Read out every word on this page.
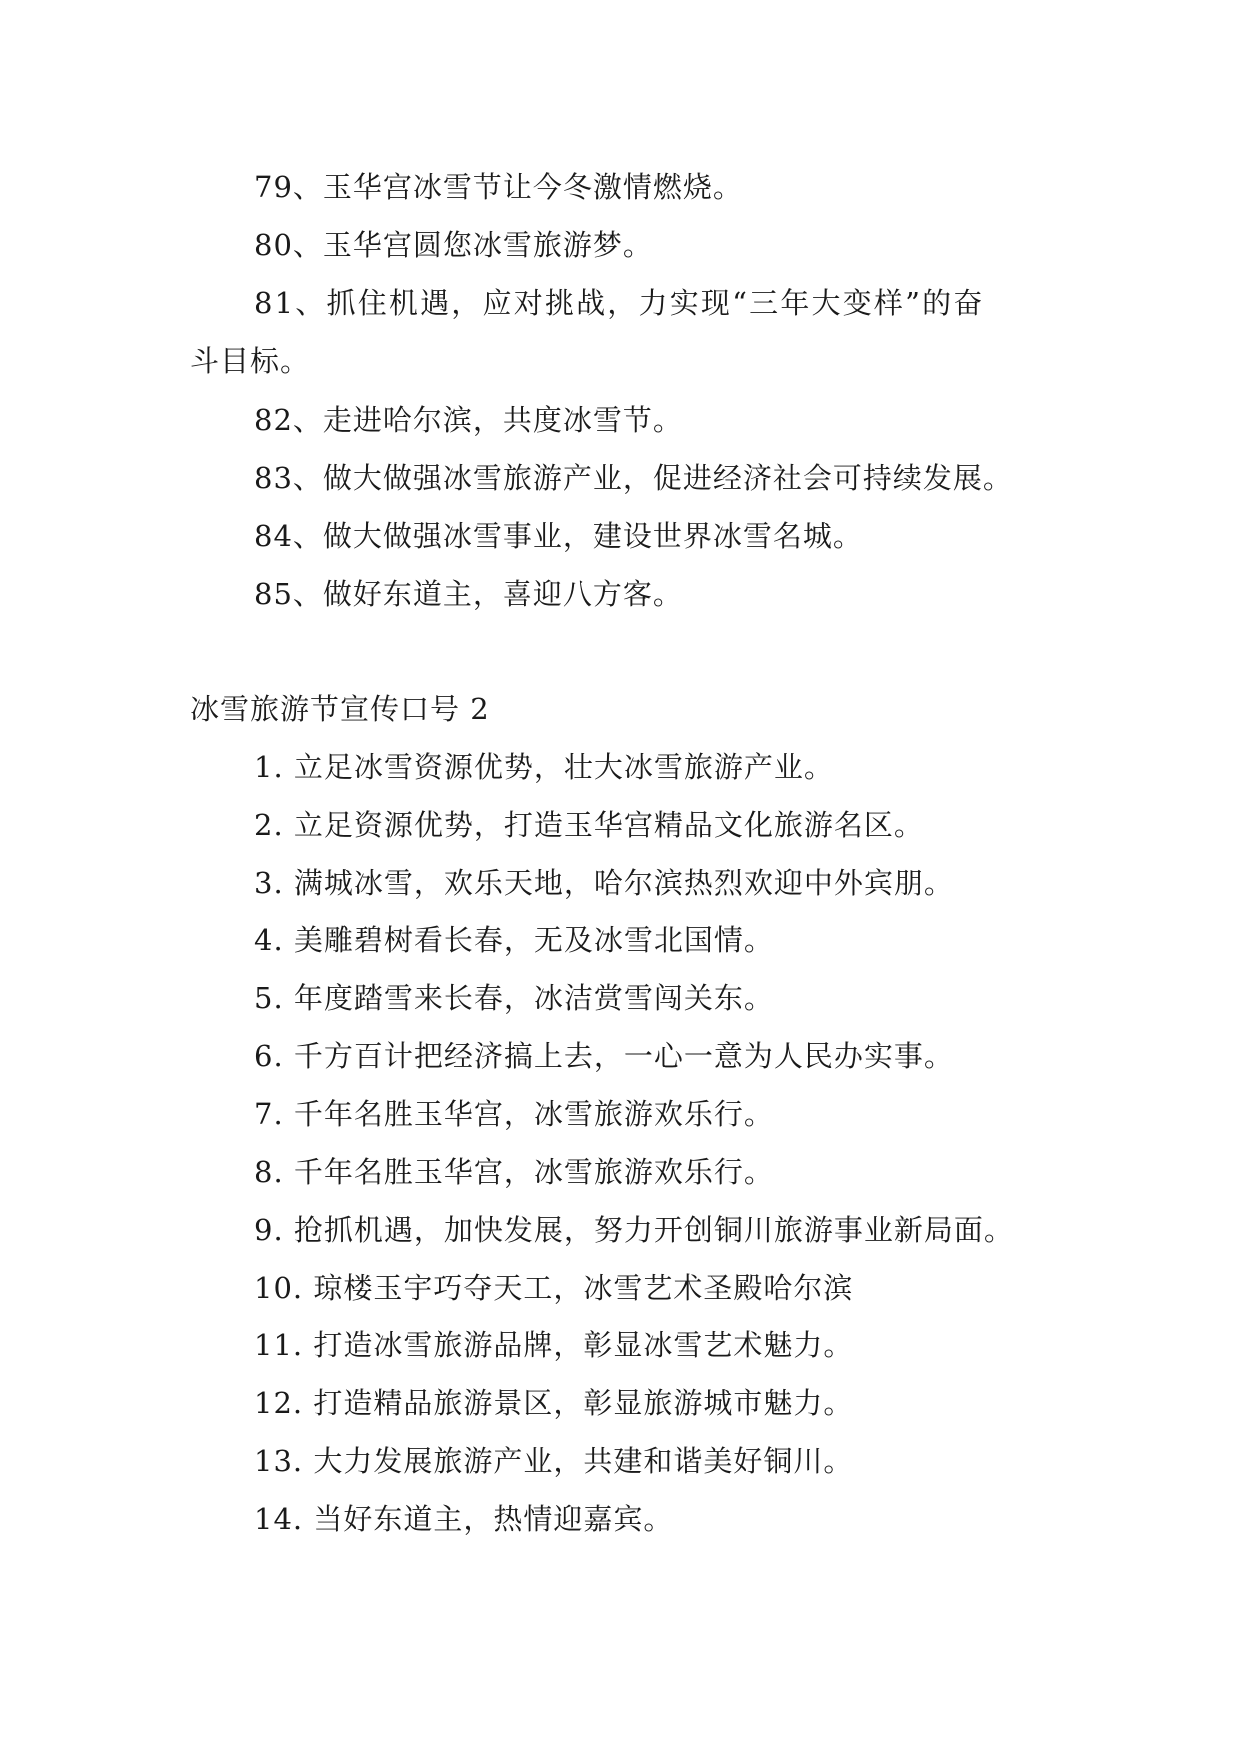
79、玉华宫冰雪节让今冬激情燃烧。
80、玉华宫圆您冰雪旅游梦。
81、抓住机遇，应对挑战，力实现“三年大变样”的奋
斗目标。
82、走进哈尔滨，共度冰雪节。
83、做大做强冰雪旅游产业，促进经济社会可持续发展。
84、做大做强冰雪事业，建设世界冰雪名城。
85、做好东道主，喜迎八方客。
冰雪旅游节宣传口号 2
1. 立足冰雪资源优势，壮大冰雪旅游产业。
2. 立足资源优势，打造玉华宫精品文化旅游名区。
3. 满城冰雪，欢乐天地，哈尔滨热烈欢迎中外宾朋。
4. 美雕碧树看长春，无及冰雪北国情。
5. 年度踏雪来长春，冰洁赏雪闯关东。
6. 千方百计把经济搞上去，一心一意为人民办实事。
7. 千年名胜玉华宫，冰雪旅游欢乐行。
8. 千年名胜玉华宫，冰雪旅游欢乐行。
9. 抢抓机遇，加快发展，努力开创铜川旅游事业新局面。
10. 琼楼玉宇巧夺天工，冰雪艺术圣殿哈尔滨
11. 打造冰雪旅游品牌，彰显冰雪艺术魅力。
12. 打造精品旅游景区，彰显旅游城市魅力。
13. 大力发展旅游产业，共建和谐美好铜川。
14. 当好东道主，热情迎嘉宾。
